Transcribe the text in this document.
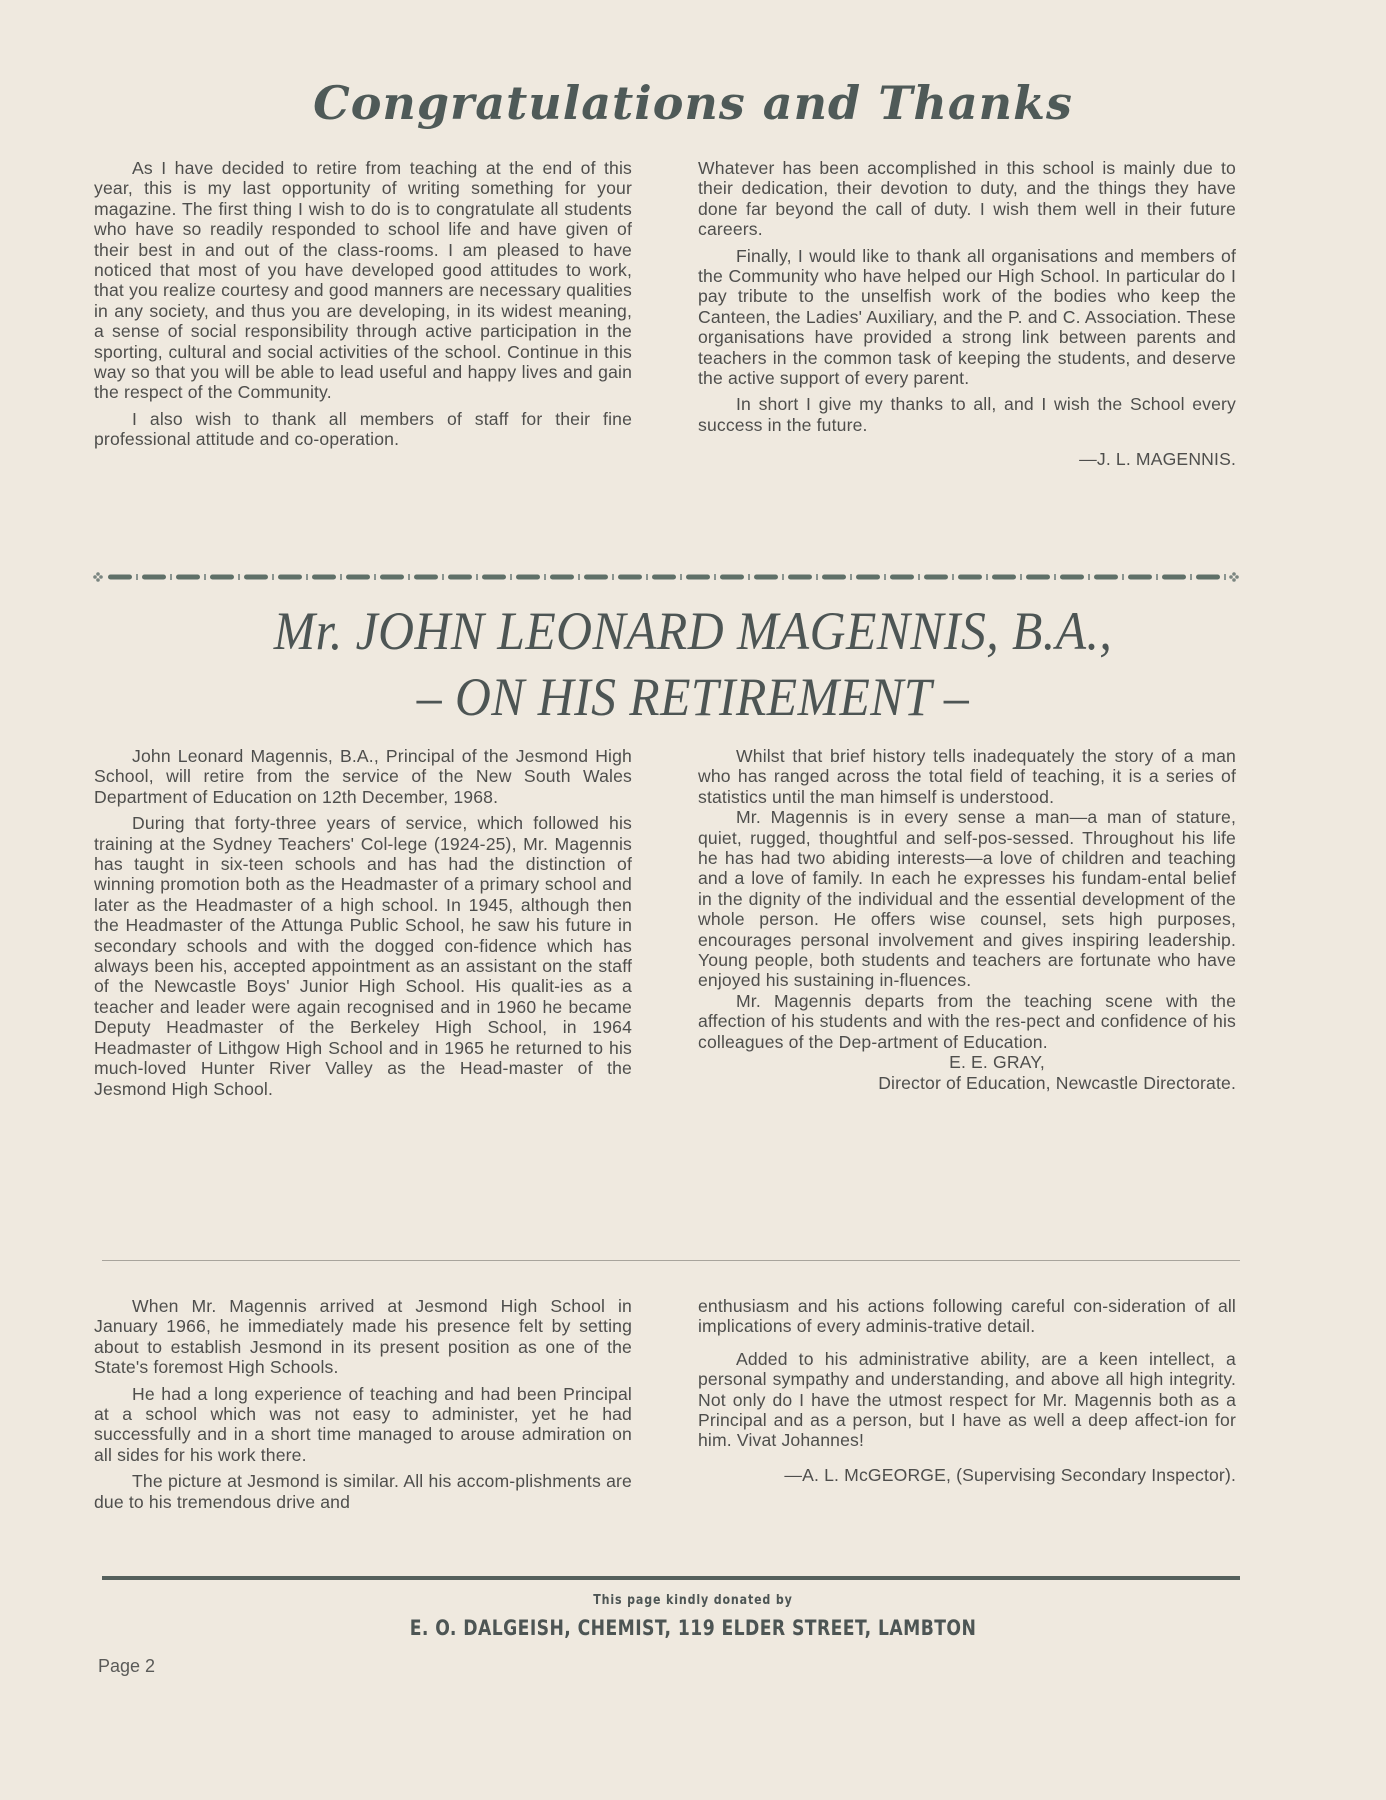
Congratulations and Thanks

As I have decided to retire from teaching at the end of this year, this is my last opportunity of writing something for your magazine. The first thing I wish to do is to congratulate all students who have so readily responded to school life and have given of their best in and out of the class-rooms. I am pleased to have noticed that most of you have developed good attitudes to work, that you realize courtesy and good manners are necessary qualities in any society, and thus you are developing, in its widest meaning, a sense of social responsibility through active participation in the sporting, cultural and social activities of the school. Continue in this way so that you will be able to lead useful and happy lives and gain the respect of the Community.

I also wish to thank all members of staff for their fine professional attitude and co-operation.

Whatever has been accomplished in this school is mainly due to their dedication, their devotion to duty, and the things they have done far beyond the call of duty. I wish them well in their future careers.

Finally, I would like to thank all organisations and members of the Community who have helped our High School. In particular do I pay tribute to the unselfish work of the bodies who keep the Canteen, the Ladies' Auxiliary, and the P. and C. Association. These organisations have provided a strong link between parents and teachers in the common task of keeping the students, and deserve the active support of every parent.

In short I give my thanks to all, and I wish the School every success in the future.

—J. L. MAGENNIS.

Mr. JOHN LEONARD MAGENNIS, B.A.,
– ON HIS RETIREMENT –

John Leonard Magennis, B.A., Principal of the Jesmond High School, will retire from the service of the New South Wales Department of Education on 12th December, 1968.

During that forty-three years of service, which followed his training at the Sydney Teachers' Col-lege (1924-25), Mr. Magennis has taught in six-teen schools and has had the distinction of winning promotion both as the Headmaster of a primary school and later as the Headmaster of a high school. In 1945, although then the Headmaster of the Attunga Public School, he saw his future in secondary schools and with the dogged con-fidence which has always been his, accepted appointment as an assistant on the staff of the Newcastle Boys' Junior High School. His qualit-ies as a teacher and leader were again recognised and in 1960 he became Deputy Headmaster of the Berkeley High School, in 1964 Headmaster of Lithgow High School and in 1965 he returned to his much-loved Hunter River Valley as the Head-master of the Jesmond High School.

Whilst that brief history tells inadequately the story of a man who has ranged across the total field of teaching, it is a series of statistics until the man himself is understood.

Mr. Magennis is in every sense a man—a man of stature, quiet, rugged, thoughtful and self-pos-sessed. Throughout his life he has had two abiding interests—a love of children and teaching and a love of family. In each he expresses his fundam-ental belief in the dignity of the individual and the essential development of the whole person. He offers wise counsel, sets high purposes, encourages personal involvement and gives inspiring leadership. Young people, both students and teachers are fortunate who have enjoyed his sustaining in-fluences.

Mr. Magennis departs from the teaching scene with the affection of his students and with the res-pect and confidence of his colleagues of the Dep-artment of Education.

E. E. GRAY,

Director of Education, Newcastle Directorate.

When Mr. Magennis arrived at Jesmond High School in January 1966, he immediately made his presence felt by setting about to establish Jesmond in its present position as one of the State's foremost High Schools.

He had a long experience of teaching and had been Principal at a school which was not easy to administer, yet he had successfully and in a short time managed to arouse admiration on all sides for his work there.

The picture at Jesmond is similar. All his accom-plishments are due to his tremendous drive and

enthusiasm and his actions following careful con-sideration of all implications of every adminis-trative detail.

Added to his administrative ability, are a keen intellect, a personal sympathy and understanding, and above all high integrity. Not only do I have the utmost respect for Mr. Magennis both as a Principal and as a person, but I have as well a deep affect-ion for him. Vivat Johannes!

—A. L. McGEORGE, (Supervising Secondary Inspector).

This page kindly donated by
E. O. DALGEISH, CHEMIST, 119 ELDER STREET, LAMBTON
Page 2
